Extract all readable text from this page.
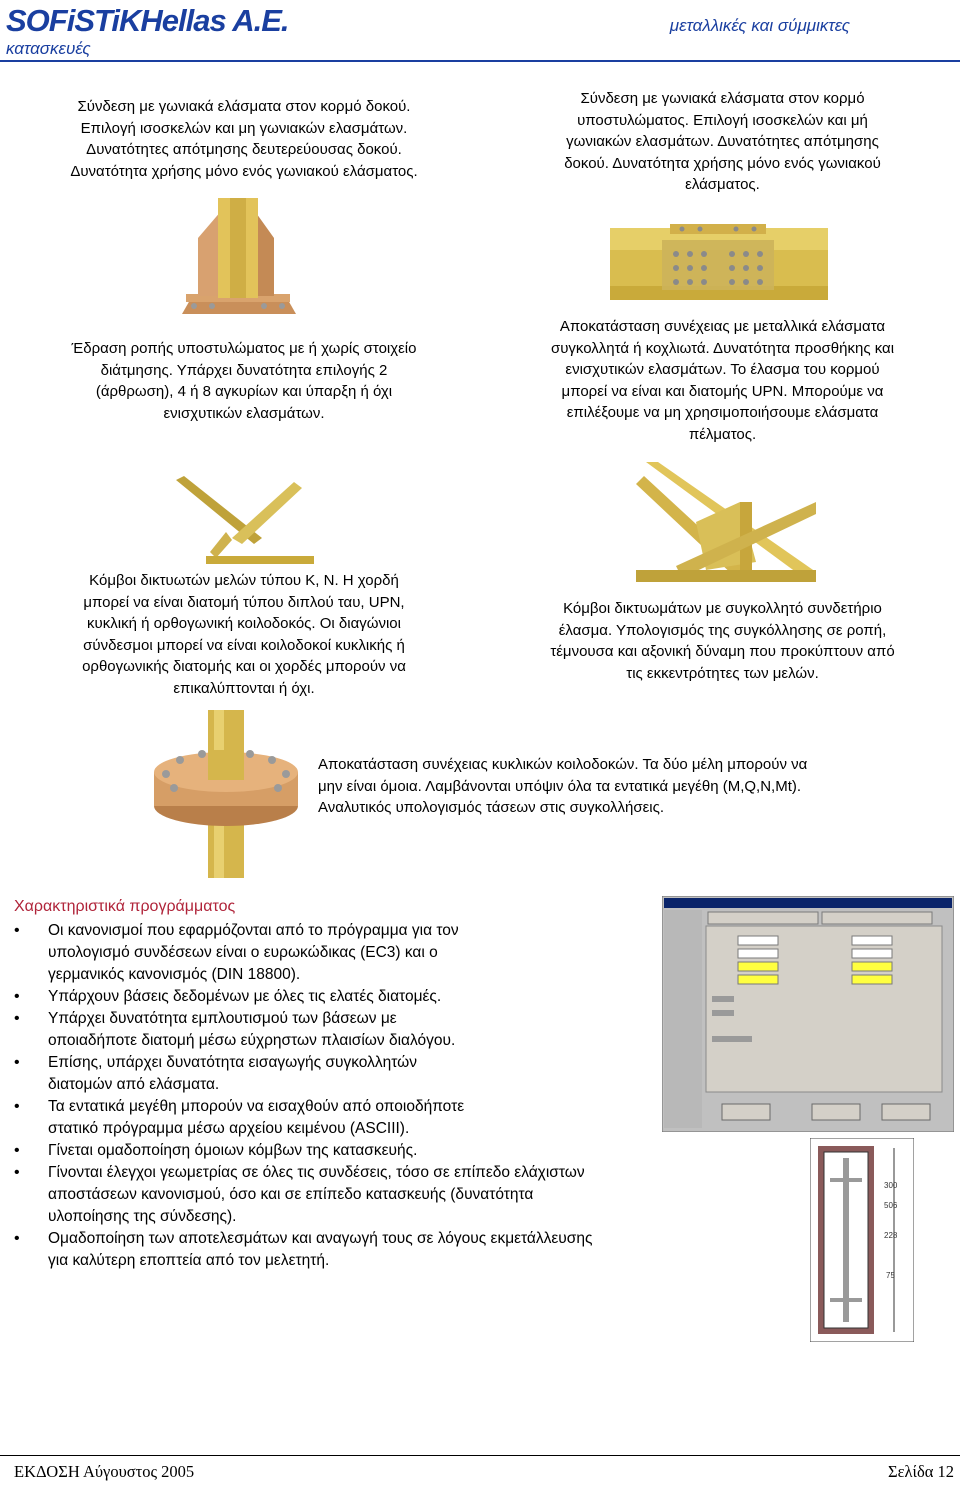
SOFiSTiK Hellas A.E.
κατασκευές
μεταλλικές και σύμμικτες
Σύνδεση με γωνιακά ελάσματα στον κορμό δοκού.
Επιλογή ισοσκελών και μη γωνιακών ελασμάτων.
Δυνατότητες απότμησης δευτερεύουσας δοκού.
Δυνατότητα χρήσης μόνο ενός γωνιακού ελάσματος.
Σύνδεση με γωνιακά ελάσματα στον κορμό
υποστυλώματος. Επιλογή ισοσκελών και μή
γωνιακών ελασμάτων. Δυνατότητες απότμησης
δοκού. Δυνατότητα χρήσης μόνο ενός γωνιακού
ελάσματος.
Έδραση ροπής υποστυλώματος με ή χωρίς στοιχείο
διάτμησης. Υπάρχει δυνατότητα επιλογής 2
(άρθρωση), 4 ή 8 αγκυρίων και ύπαρξη ή όχι
ενισχυτικών ελασμάτων.
Αποκατάσταση συνέχειας με μεταλλικά ελάσματα
συγκολλητά ή κοχλιωτά. Δυνατότητα προσθήκης και
ενισχυτικών ελασμάτων. Το έλασμα του κορμού
μπορεί να είναι και διατομής UPN. Μπορούμε να
επιλέξουμε να μη χρησιμοποιήσουμε ελάσματα
πέλματος.
Κόμβοι δικτυωτών μελών τύπου K, N. Η χορδή
μπορεί να είναι διατομή τύπου διπλού ταυ, UPN,
κυκλική ή ορθογωνική κοιλοδοκός. Οι διαγώνιοι
σύνδεσμοι μπορεί να είναι κοιλοδοκοί κυκλικής ή
ορθογωνικής διατομής και οι χορδές μπορούν να
επικαλύπτονται ή όχι.
Κόμβοι δικτυωμάτων με συγκολλητό συνδετήριο
έλασμα. Υπολογισμός της συγκόλλησης σε ροπή,
τέμνουσα και αξονική δύναμη που προκύπτουν από
τις εκκεντρότητες των μελών.
Αποκατάσταση συνέχειας κυκλικών κοιλοδοκών. Τα δύο μέλη μπορούν να
μην είναι όμοια. Λαμβάνονται υπόψιν όλα τα εντατικά μεγέθη (M,Q,N,Mt).
Αναλυτικός υπολογισμός τάσεων στις συγκολλήσεις.
Χαρακτηριστικά προγράμματος
• Οι κανονισμοί που εφαρμόζονται από το πρόγραμμα για τον
υπολογισμό συνδέσεων είναι ο ευρωκώδικας (EC3) και ο
γερμανικός κανονισμός (DIN 18800).
• Υπάρχουν βάσεις δεδομένων με όλες τις ελατές διατομές.
• Υπάρχει δυνατότητα εμπλουτισμού των βάσεων με
οποιαδήποτε διατομή μέσω εύχρηστων πλαισίων διαλόγου.
• Επίσης, υπάρχει δυνατότητα εισαγωγής συγκολλητών
διατομών από ελάσματα.
• Τα εντατικά μεγέθη μπορούν να εισαχθούν από οποιοδήποτε
στατικό πρόγραμμα μέσω αρχείου κειμένου (ASCIII).
• Γίνεται ομαδοποίηση όμοιων κόμβων της κατασκευής.
• Γίνονται έλεγχοι γεωμετρίας σε όλες τις συνδέσεις, τόσο σε επίπεδο ελάχιστων
αποστάσεων κανονισμού, όσο και σε επίπεδο κατασκευής (δυνατότητα
υλοποίησης της σύνδεσης).
• Ομαδοποίηση των αποτελεσμάτων και αναγωγή τους σε λόγους εκμετάλλευσης
για καλύτερη εποπτεία από τον μελετητή.
300
506
228
75
ΕΚΔΟΣΗ Αύγουστος 2005	Σελίδα 12
